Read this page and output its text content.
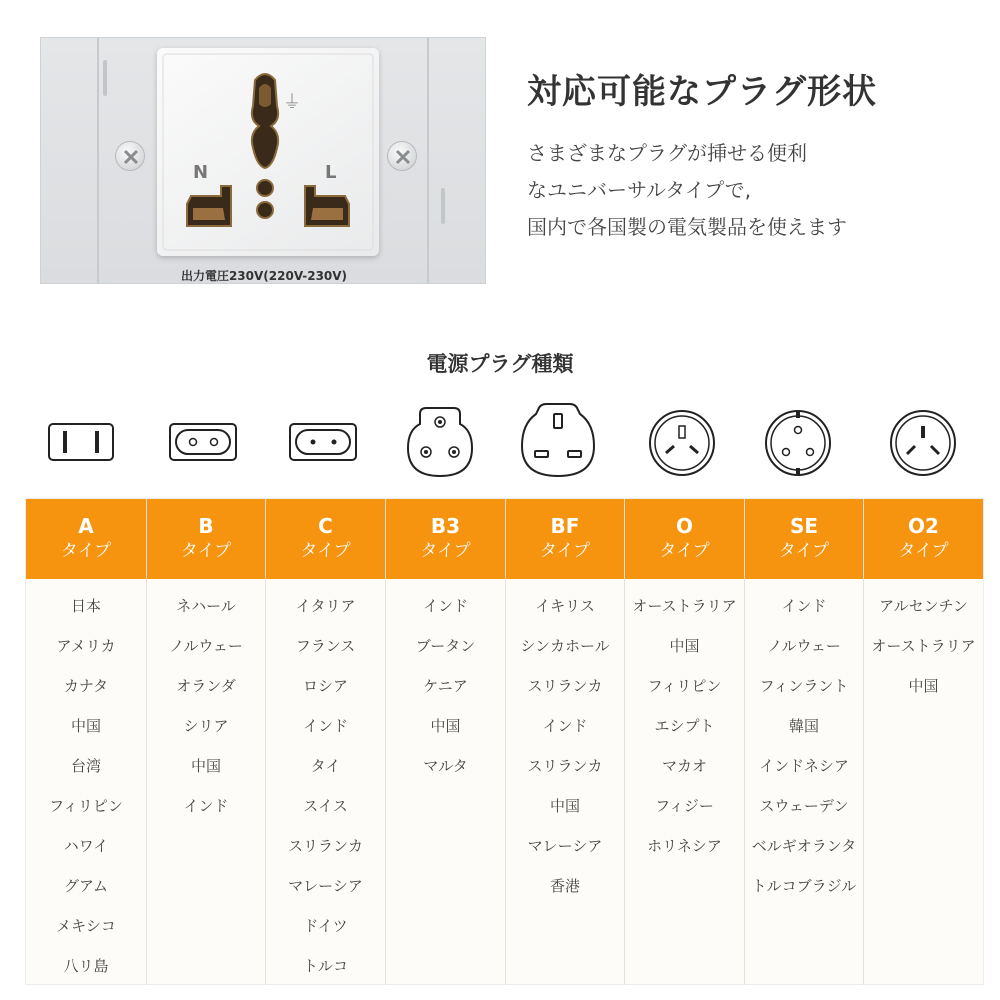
⏚
N	L
出力電圧230V(220V-230V)
対応可能なプラグ形状
さまざまなプラグが挿せる便利
なユニバーサルタイプで,
国内で各国製の電気製品を使えます
電源プラグ種類
A
タイプ
日本
アメリカ
カナタ
中国
台湾
フィリピン
ハワイ
グアム
メキシコ
八リ島
B
タイプ
ネハール
ノルウェー
オランダ
シリア
中国
インド
C
タイプ
イタリア
フランス
ロシア
インド
タイ
スイス
スリランカ
マレーシア
ドイツ
トルコ
B3
タイプ
インド
ブータン
ケニア
中国
マルタ
BF
タイプ
イキリス
シンカホール
スリランカ
インド
スリランカ
中国
マレーシア
香港
O
タイプ
オーストラリア
中国
フィリピン
エシプト
マカオ
フィジー
ホリネシア
SE
タイプ
インド
ノルウェー
フィンラント
韓国
インドネシア
スウェーデン
ベルギオランタ
トルコブラジル
O2
タイプ
アルセンチン
オーストラリア
中国
